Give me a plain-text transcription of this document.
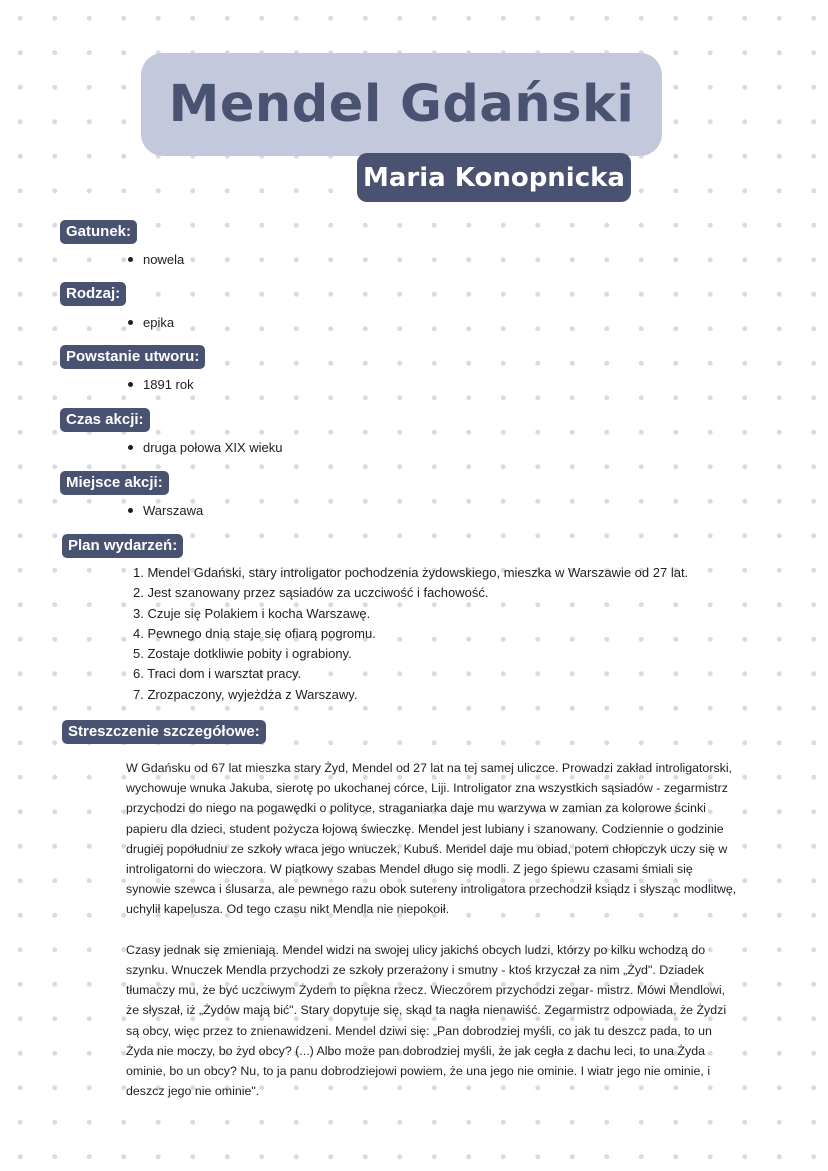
Mendel Gdański
Maria Konopnicka
Gatunek:
nowela
Rodzaj:
epika
Powstanie utworu:
1891 rok
Czas akcji:
druga połowa XIX wieku
Miejsce akcji:
Warszawa
Plan wydarzeń:
1. Mendel Gdański, stary introligator pochodzenia żydowskiego, mieszka w Warszawie od 27 lat.
2. Jest szanowany przez sąsiadów za uczciwość i fachowość.
3. Czuje się Polakiem i kocha Warszawę.
4. Pewnego dnia staje się ofiarą pogromu.
5. Zostaje dotkliwie pobity i ograbiony.
6. Traci dom i warsztat pracy.
7. Zrozpaczony, wyjeżdża z Warszawy.
Streszczenie szczegółowe:

W Gdańsku od 67 lat mieszka stary Żyd, Mendel od 27 lat na tej samej uliczce. Prowadzi zakład introligatorski, wychowuje wnuka Jakuba, sierotę po ukochanej córce, Liji. Introligator zna wszystkich sąsiadów - zegarmistrz przychodzi do niego na pogawędki o polityce, straganiarka daje mu warzywa w zamian za kolorowe ścinki papieru dla dzieci, student pożycza łojową świeczkę. Mendel jest lubiany i szanowany. Codziennie o godzinie drugiej popołudniu ze szkoły wraca jego wnuczek, Kubuś. Mendel daje mu obiad, potem chłopczyk uczy się w introligatorni do wieczora. W piątkowy szabas Mendel długo się modli. Z jego śpiewu czasami śmiali się synowie szewca i ślusarza, ale pewnego razu obok sutereny introligatora przechodził ksiądz i słysząc modlitwę, uchylił kapelusza. Od tego czasu nikt Mendla nie niepokoił.

Czasy jednak się zmieniają. Mendel widzi na swojej ulicy jakichś obcych ludzi, którzy po kilku wchodzą do szynku. Wnuczek Mendla przychodzi ze szkoły przerażony i smutny - ktoś krzyczał za nim „Żyd". Dziadek tłumaczy mu, że być uczciwym Żydem to piękna rzecz. Wieczorem przychodzi zegar- mistrz. Mówi Mendlowi, że słyszał, iż „Żydów mają bić". Stary dopytuje się, skąd ta nagła nienawiść. Zegarmistrz odpowiada, że Żydzi są obcy, więc przez to znienawidzeni. Mendel dziwi się: „Pan dobrodziej myśli, co jak tu deszcz pada, to un Żyda nie moczy, bo żyd obcy? (...) Albo może pan dobrodziej myśli, że jak cegła z dachu leci, to una Żyda ominie, bo un obcy? Nu, to ja panu dobrodziejowi powiem, że una jego nie ominie. I wiatr jego nie ominie, i deszcz jego nie ominie".
